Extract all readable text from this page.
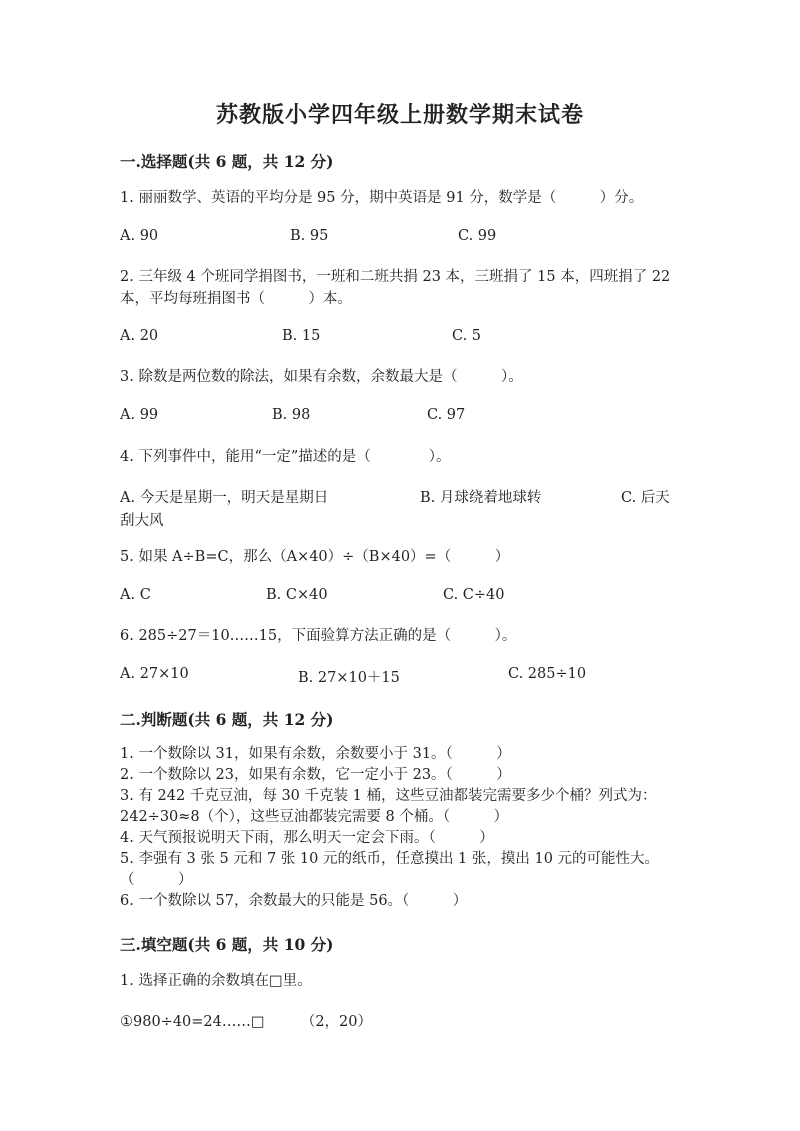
苏教版小学四年级上册数学期末试卷
一.选择题(共 6 题，共 12 分)
1. 丽丽数学、英语的平均分是 95 分，期中英语是 91 分，数学是（　　　）分。
A. 90	B. 95	C. 99
2. 三年级 4 个班同学捐图书，一班和二班共捐 23 本，三班捐了 15 本，四班捐了 22 本，平均每班捐图书（　　　）本。
A. 20	B. 15	C. 5
3. 除数是两位数的除法，如果有余数，余数最大是（　　　）。
A. 99	B. 98	C. 97
4. 下列事件中，能用“一定”描述的是（　　　　）。
A. 今天是星期一，明天是星期日	B. 月球绕着地球转	C. 后天
刮大风
5. 如果 A÷B=C，那么（A×40）÷（B×40）=（　　　）
A. C	B. C×40	C. C÷40
6. 285÷27＝10……15，下面验算方法正确的是（　　　）。
A. 27×10	B. 27×10＋15	C. 285÷10
二.判断题(共 6 题，共 12 分)
1. 一个数除以 31，如果有余数，余数要小于 31。（　　　）
2. 一个数除以 23，如果有余数，它一定小于 23。（　　　）
3. 有 242 千克豆油，每 30 千克装 1 桶，这些豆油都装完需要多少个桶？列式为：242÷30≈8（个），这些豆油都装完需要 8 个桶。（　　　）
4. 天气预报说明天下雨，那么明天一定会下雨。（　　　）
5. 李强有 3 张 5 元和 7 张 10 元的纸币，任意摸出 1 张，摸出 10 元的可能性大。　　（　　　）
6. 一个数除以 57，余数最大的只能是 56。（　　　）
三.填空题(共 6 题，共 10 分)
1. 选择正确的余数填在□里。
①980÷40=24……□　　　（2，20）
